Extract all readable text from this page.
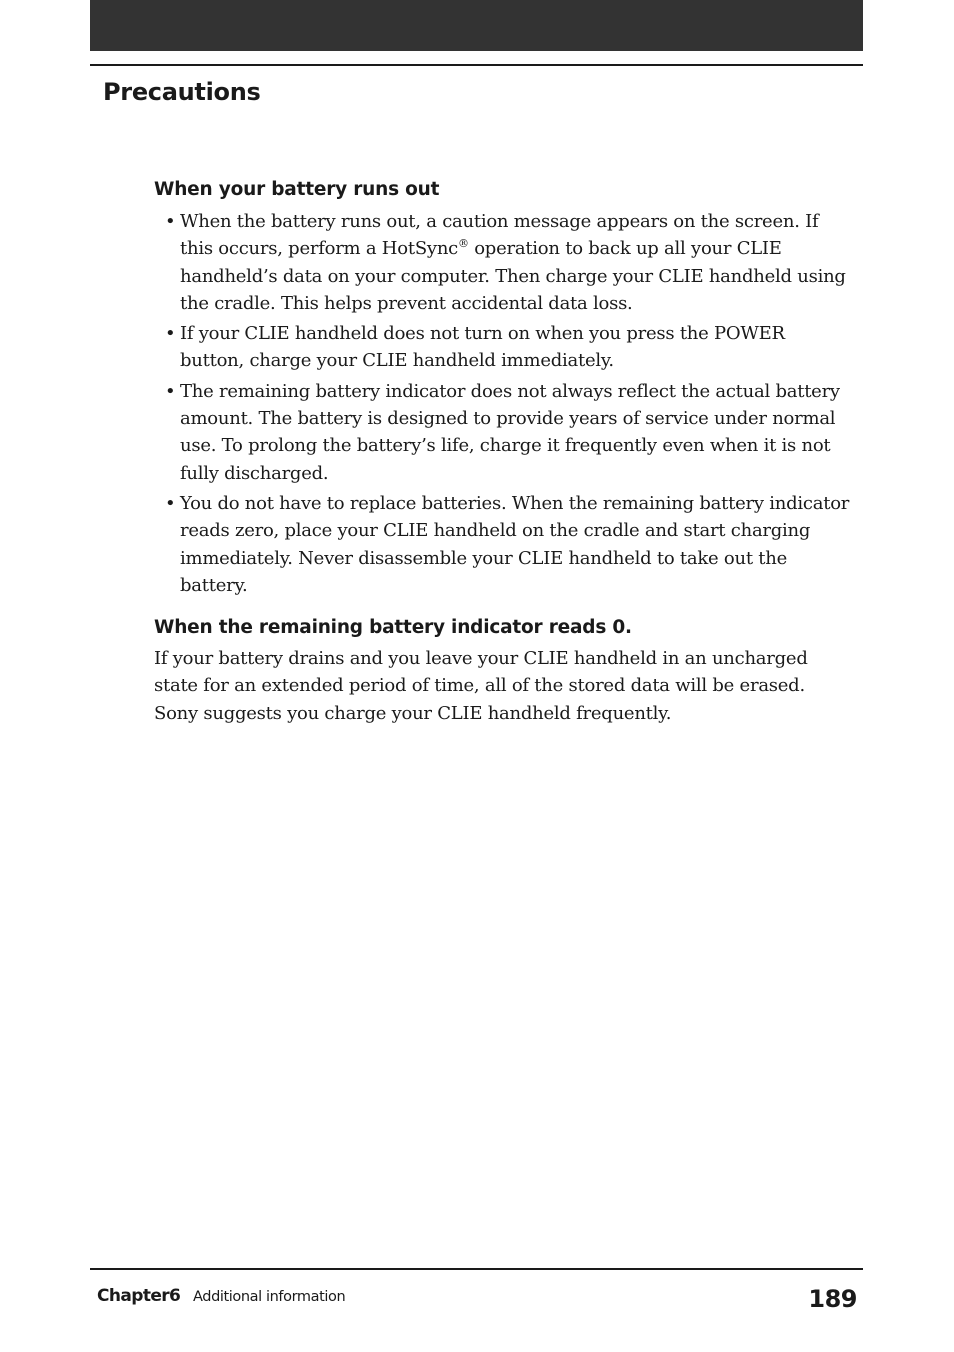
Precautions
When your battery runs out
• When the battery runs out, a caution message appears on the screen. If this occurs, perform a HotSync® operation to back up all your CLIE handheld’s data on your computer. Then charge your CLIE handheld using the cradle. This helps prevent accidental data loss.
• If your CLIE handheld does not turn on when you press the POWER button, charge your CLIE handheld immediately.
• The remaining battery indicator does not always reflect the actual battery amount. The battery is designed to provide years of service under normal use. To prolong the battery’s life, charge it frequently even when it is not fully discharged.
• You do not have to replace batteries. When the remaining battery indicator reads zero, place your CLIE handheld on the cradle and start charging immediately. Never disassemble your CLIE handheld to take out the battery.
When the remaining battery indicator reads 0.

If your battery drains and you leave your CLIE handheld in an uncharged state for an extended period of time, all of the stored data will be erased. Sony suggests you charge your CLIE handheld frequently.

Chapter6 Additional information	189
